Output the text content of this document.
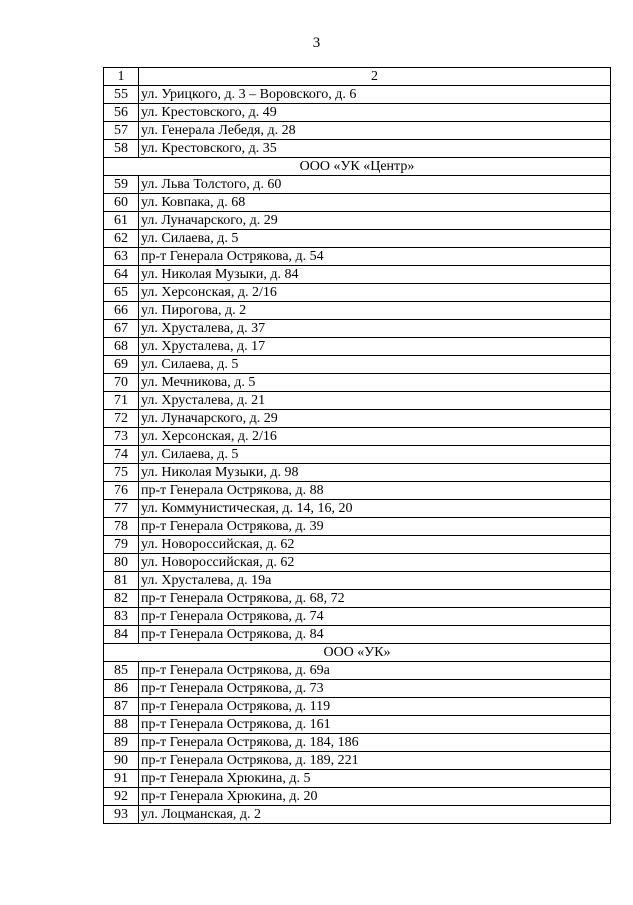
3
1	2
55	ул. Урицкого, д. 3 – Воровского, д. 6
56	ул. Крестовского, д. 49
57	ул. Генерала Лебедя, д. 28
58	ул. Крестовского, д. 35
ООО «УК «Центр»	
59	ул. Льва Толстого, д. 60
60	ул. Ковпака, д. 68
61	ул. Луначарского, д. 29
62	ул. Силаева, д. 5
63	пр-т Генерала Острякова, д. 54
64	ул. Николая Музыки, д. 84
65	ул. Херсонская, д. 2/16
66	ул. Пирогова, д. 2
67	ул. Хрусталева, д. 37
68	ул. Хрусталева, д. 17
69	ул. Силаева, д. 5
70	ул. Мечникова, д. 5
71	ул. Хрусталева, д. 21
72	ул. Луначарского, д. 29
73	ул. Херсонская, д. 2/16
74	ул. Силаева, д. 5
75	ул. Николая Музыки, д. 98
76	пр-т Генерала Острякова, д. 88
77	ул. Коммунистическая, д. 14, 16, 20
78	пр-т Генерала Острякова, д. 39
79	ул. Новороссийская, д. 62
80	ул. Новороссийская, д. 62
81	ул. Хрусталева, д. 19а
82	пр-т Генерала Острякова, д. 68, 72
83	пр-т Генерала Острякова, д. 74
84	пр-т Генерала Острякова, д. 84
ООО «УК»	
85	пр-т Генерала Острякова, д. 69а
86	пр-т Генерала Острякова, д. 73
87	пр-т Генерала Острякова, д. 119
88	пр-т Генерала Острякова, д. 161
89	пр-т Генерала Острякова, д. 184, 186
90	пр-т Генерала Острякова, д. 189, 221
91	пр-т Генерала Хрюкина, д. 5
92	пр-т Генерала Хрюкина, д. 20
93	ул. Лоцманская, д. 2
